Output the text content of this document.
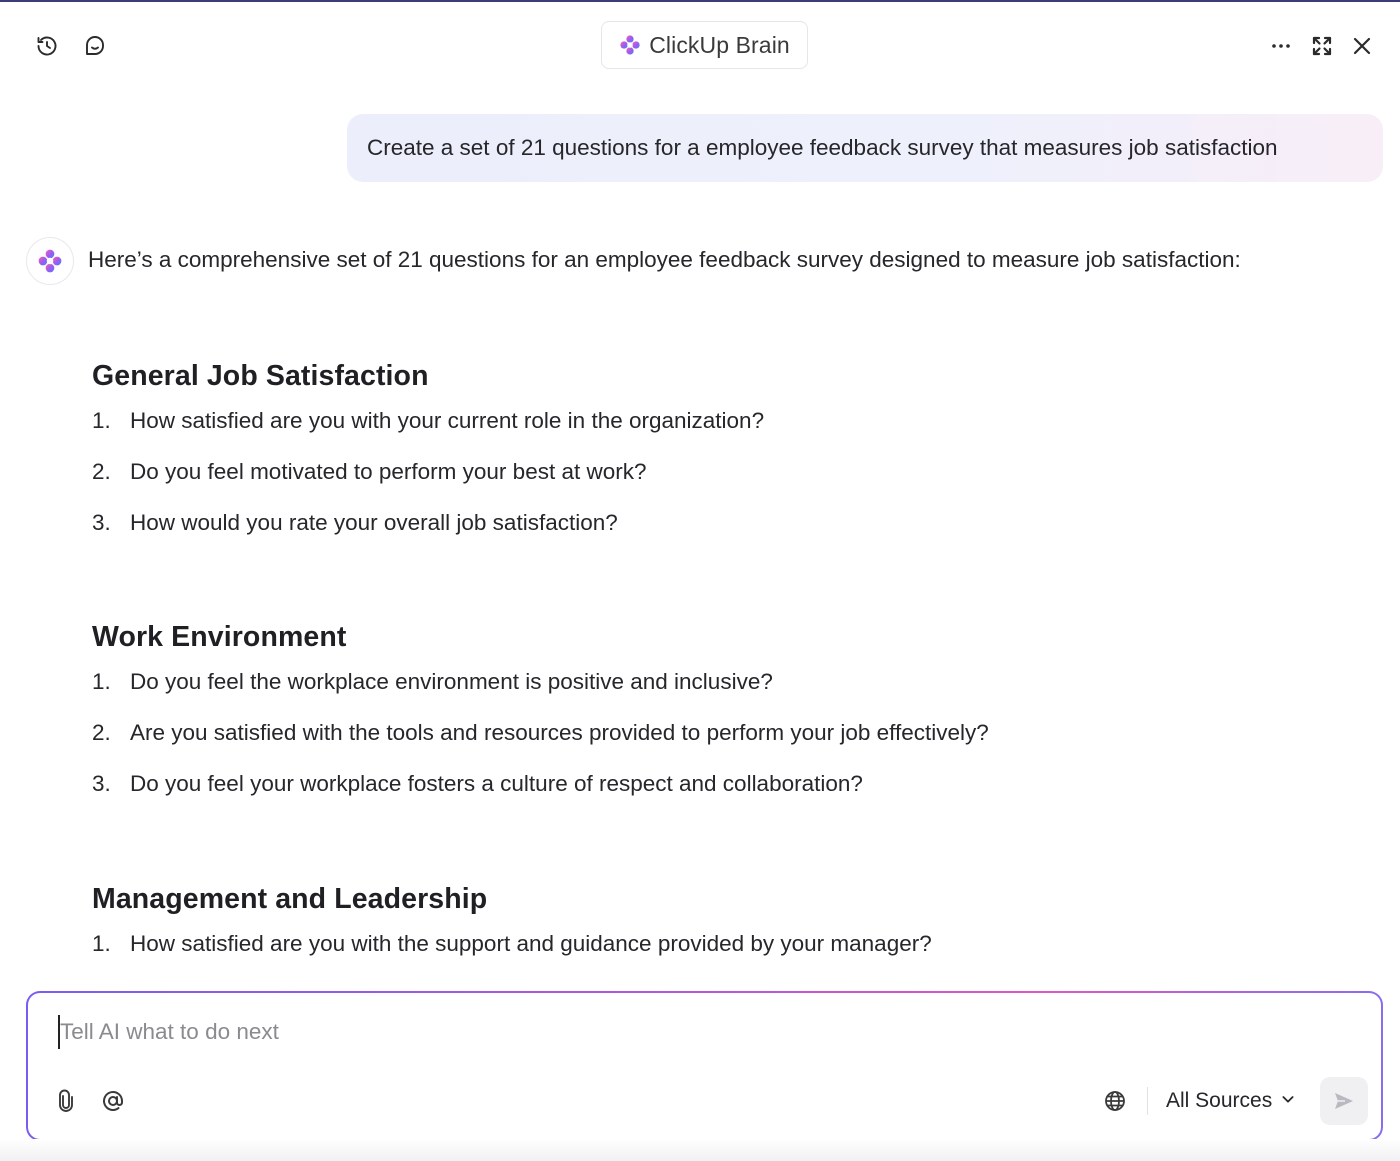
ClickUp Brain
Create a set of 21 questions for a employee feedback survey that measures job satisfaction
Here’s a comprehensive set of 21 questions for an employee feedback survey designed to measure job satisfaction:
General Job Satisfaction
1. How satisfied are you with your current role in the organization?
2. Do you feel motivated to perform your best at work?
3. How would you rate your overall job satisfaction?
Work Environment
1. Do you feel the workplace environment is positive and inclusive?
2. Are you satisfied with the tools and resources provided to perform your job effectively?
3. Do you feel your workplace fosters a culture of respect and collaboration?
Management and Leadership
1. How satisfied are you with the support and guidance provided by your manager?
Tell AI what to do next
All Sources
